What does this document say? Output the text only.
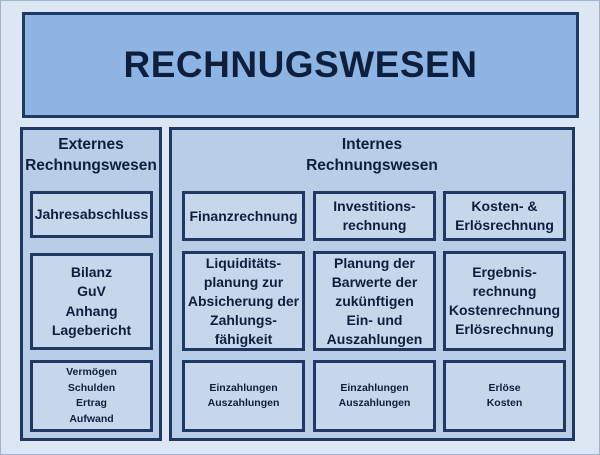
RECHNUGSWESEN
Externes
Rechnungswesen
Jahresabschluss
Bilanz
GuV
Anhang
Lagebericht
Vermögen
Schulden
Ertrag
Aufwand
Internes
Rechnungswesen
Finanzrechnung
Liquiditäts-
planung zur
Absicherung der
Zahlungs-
fähigkeit
Einzahlungen
Auszahlungen
Investitions-
rechnung
Planung der
Barwerte der
zukünftigen
Ein- und
Auszahlungen
Einzahlungen
Auszahlungen
Kosten- &
Erlösrechnung
Ergebnis-
rechnung
Kostenrechnung
Erlösrechnung
Erlöse
Kosten
